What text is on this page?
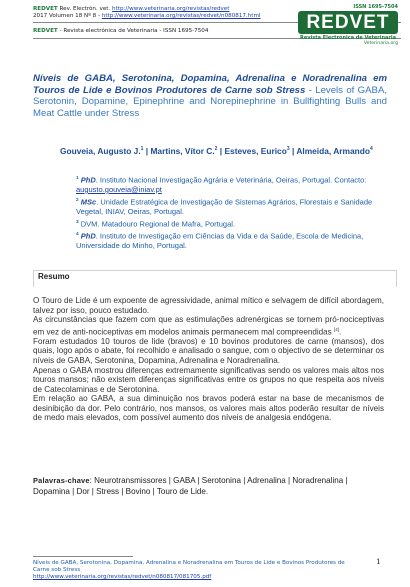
REDVET Rev. Electrón. vet. http://www.veterinaria.org/revistas/redvet
2017 Volumen 18 Nº 8 - http://www.veterinaria.org/revistas/redvet/n080817.html
REDVET - Revista electrónica de Veterinaria - ISSN 1695-7504
ISSN 1695-7504
REDVET
Revista Electrónica de Veterinaria
Veterinaria.org
Níveis de GABA, Serotonina, Dopamina, Adrenalina e Noradrenalina em Touros de Lide e Bovinos Produtores de Carne sob Stress - Levels of GABA, Serotonin, Dopamine, Epinephrine and Norepinephrine in Bullfighting Bulls and Meat Cattle under Stress
Gouveia, Augusto J.$^1$ | Martins, Vítor C.$^2$ | Esteves, Eurico$^3$ | Almeida, Armando$^4$

$^1$ PhD. Instituto Nacional Investigação Agrária e Veterinária, Oeiras, Portugal. Contacto: augusto.gouveia@iniav.pt

$^2$ MSc. Unidade Estratégica de Investigação de Sistemas Agrários, Florestais e Sanidade Vegetal, INIAV, Oeiras, Portugal.

$^3$ DVM. Matadouro Regional de Mafra, Portugal.

$^4$ PhD. Instituto de Investigação em Ciências da Vida e da Saúde, Escola de Medicina, Universidade do Minho, Portugal.

Resumo

O Touro de Lide é um expoente de agressividade, animal mítico e selvagem de difícil abordagem, talvez por isso, pouco estudado.

As circunstâncias que fazem com que as estimulações adrenérgicas se tornem pró-nociceptivas em vez de anti-nociceptivas em modelos animais permanecem mal compreendidas [4].

Foram estudados 10 touros de lide (bravos) e 10 bovinos produtores de carne (mansos), dos quais, logo após o abate, foi recolhido e analisado o sangue, com o objectivo de se determinar os níveis de GABA, Serotonina, Dopamina, Adrenalina e Noradrenalina.

Apenas o GABA mostrou diferenças extremamente significativas sendo os valores mais altos nos touros mansos; não existem diferenças significativas entre os grupos no que respeita aos níveis de Catecolaminas e de Serotonina.

Em relação ao GABA, a sua diminuição nos bravos poderá estar na base de mecanismos de desinibição da dor. Pelo contrário, nos mansos, os valores mais altos poderão resultar de níveis de medo mais elevados, com possível aumento dos níveis de analgesia endógena.

Palavras-chave: Neurotransmissores | GABA | Serotonina | Adrenalina | Noradrenalina | Dopamina | Dor | Stress | Bovino | Touro de Lide.
Níveis de GABA, Serotonina, Dopamina, Adrenalina e Noradrenalina em Touros de Lide e Bovinos Produtores de Carne sob Stress
http://www.veterinaria.org/revistas/redvet/n080817/081705.pdf
1
